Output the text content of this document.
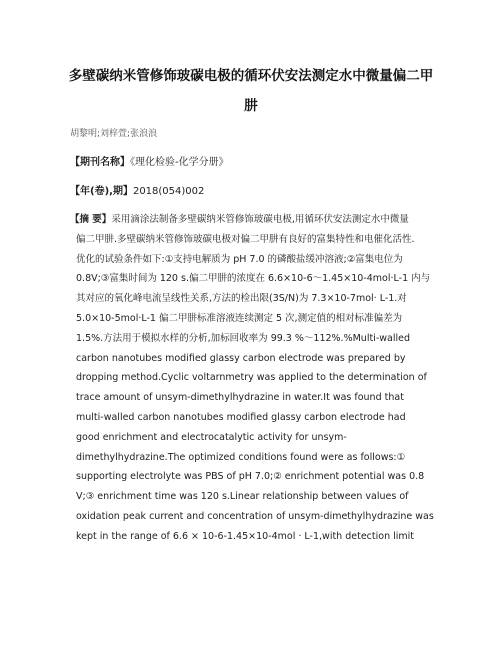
多壁碳纳米管修饰玻碳电极的循环伏安法测定水中微量偏二甲
肼
胡黎明;刘梓萱;张浪浪
【期刊名称】《理化检验-化学分册》
【年(卷),期】2018(054)002
【摘 要】采用滴涂法制备多壁碳纳米管修饰玻碳电极,用循环伏安法测定水中微量
偏二甲肼.多壁碳纳米管修饰玻碳电极对偏二甲肼有良好的富集特性和电催化活性.
优化的试验条件如下:①支持电解质为 pH 7.0 的磷酸盐缓冲溶液;②富集电位为
0.8V;③富集时间为 120 s.偏二甲肼的浓度在 6.6×10-6～1.45×10-4mol·L-1 内与
其对应的氧化峰电流呈线性关系,方法的检出限(3S/N)为 7.3×10-7mol· L-1.对
5.0×10-5mol·L-1 偏二甲肼标准溶液连续测定 5 次,测定值的相对标准偏差为
1.5%.方法用于模拟水样的分析,加标回收率为 99.3 %～112%.%Multi-walled
carbon nanotubes modified glassy carbon electrode was prepared by
dropping method.Cyclic voltarnmetry was applied to the determination of
trace amount of unsym-dimethylhydrazine in water.It was found that
multi-walled carbon nanotubes modified glassy carbon electrode had
good enrichment and electrocatalytic activity for unsym-
dimethylhydrazine.The optimized conditions found were as follows:①
supporting electrolyte was PBS of pH 7.0;② enrichment potential was 0.8
V;③ enrichment time was 120 s.Linear relationship between values of
oxidation peak current and concentration of unsym-dimethylhydrazine was
kept in the range of 6.6 × 10-6-1.45×10-4mol · L-1,with detection limit
